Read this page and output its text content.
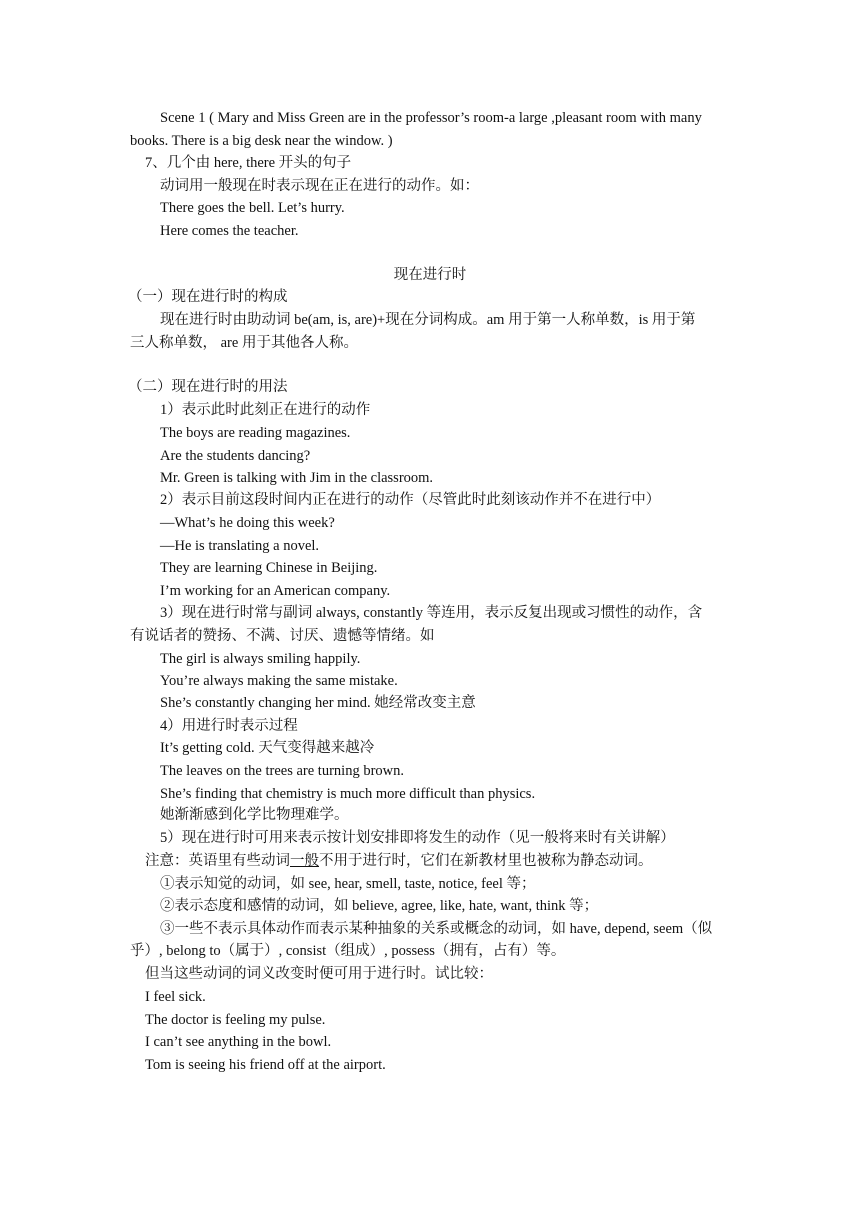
Scene 1 ( Mary and Miss Green are in the professor’s room-a large ,pleasant room with many
books. There is a big desk near the window. )
7、几个由 here, there 开头的句子
动词用一般现在时表示现在正在进行的动作。如：
There goes the bell. Let’s hurry.
Here comes the teacher.
现在进行时
（一）现在进行时的构成
现在进行时由助动词 be(am, is, are)+现在分词构成。am 用于第一人称单数，is 用于第
三人称单数， are 用于其他各人称。
（二）现在进行时的用法
1）表示此时此刻正在进行的动作
The boys are reading magazines.
Are the students dancing?
Mr. Green is talking with Jim in the classroom.
2）表示目前这段时间内正在进行的动作（尽管此时此刻该动作并不在进行中）
—What’s he doing this week?
—He is translating a novel.
They are learning Chinese in Beijing.
I’m working for an American company.
3）现在进行时常与副词 always, constantly 等连用，表示反复出现或习惯性的动作，含
有说话者的赞扬、不满、讨厌、遗憾等情绪。如
The girl is always smiling happily.
You’re always making the same mistake.
She’s constantly changing her mind. 她经常改变主意
4）用进行时表示过程
It’s getting cold. 天气变得越来越冷
The leaves on the trees are turning brown.
She’s finding that chemistry is much more difficult than physics.
她渐渐感到化学比物理难学。
5）现在进行时可用来表示按计划安排即将发生的动作（见一般将来时有关讲解）
注意：英语里有些动词一般不用于进行时，它们在新教材里也被称为静态动词。
①表示知觉的动词，如 see, hear, smell, taste, notice, feel 等；
②表示态度和感情的动词，如 believe, agree, like, hate, want, think 等；
③一些不表示具体动作而表示某种抽象的关系或概念的动词，如 have, depend, seem（似
乎）, belong to（属于）, consist（组成）, possess（拥有，占有）等。
但当这些动词的词义改变时便可用于进行时。试比较：
I feel sick.
The doctor is feeling my pulse.
I can’t see anything in the bowl.
Tom is seeing his friend off at the airport.
